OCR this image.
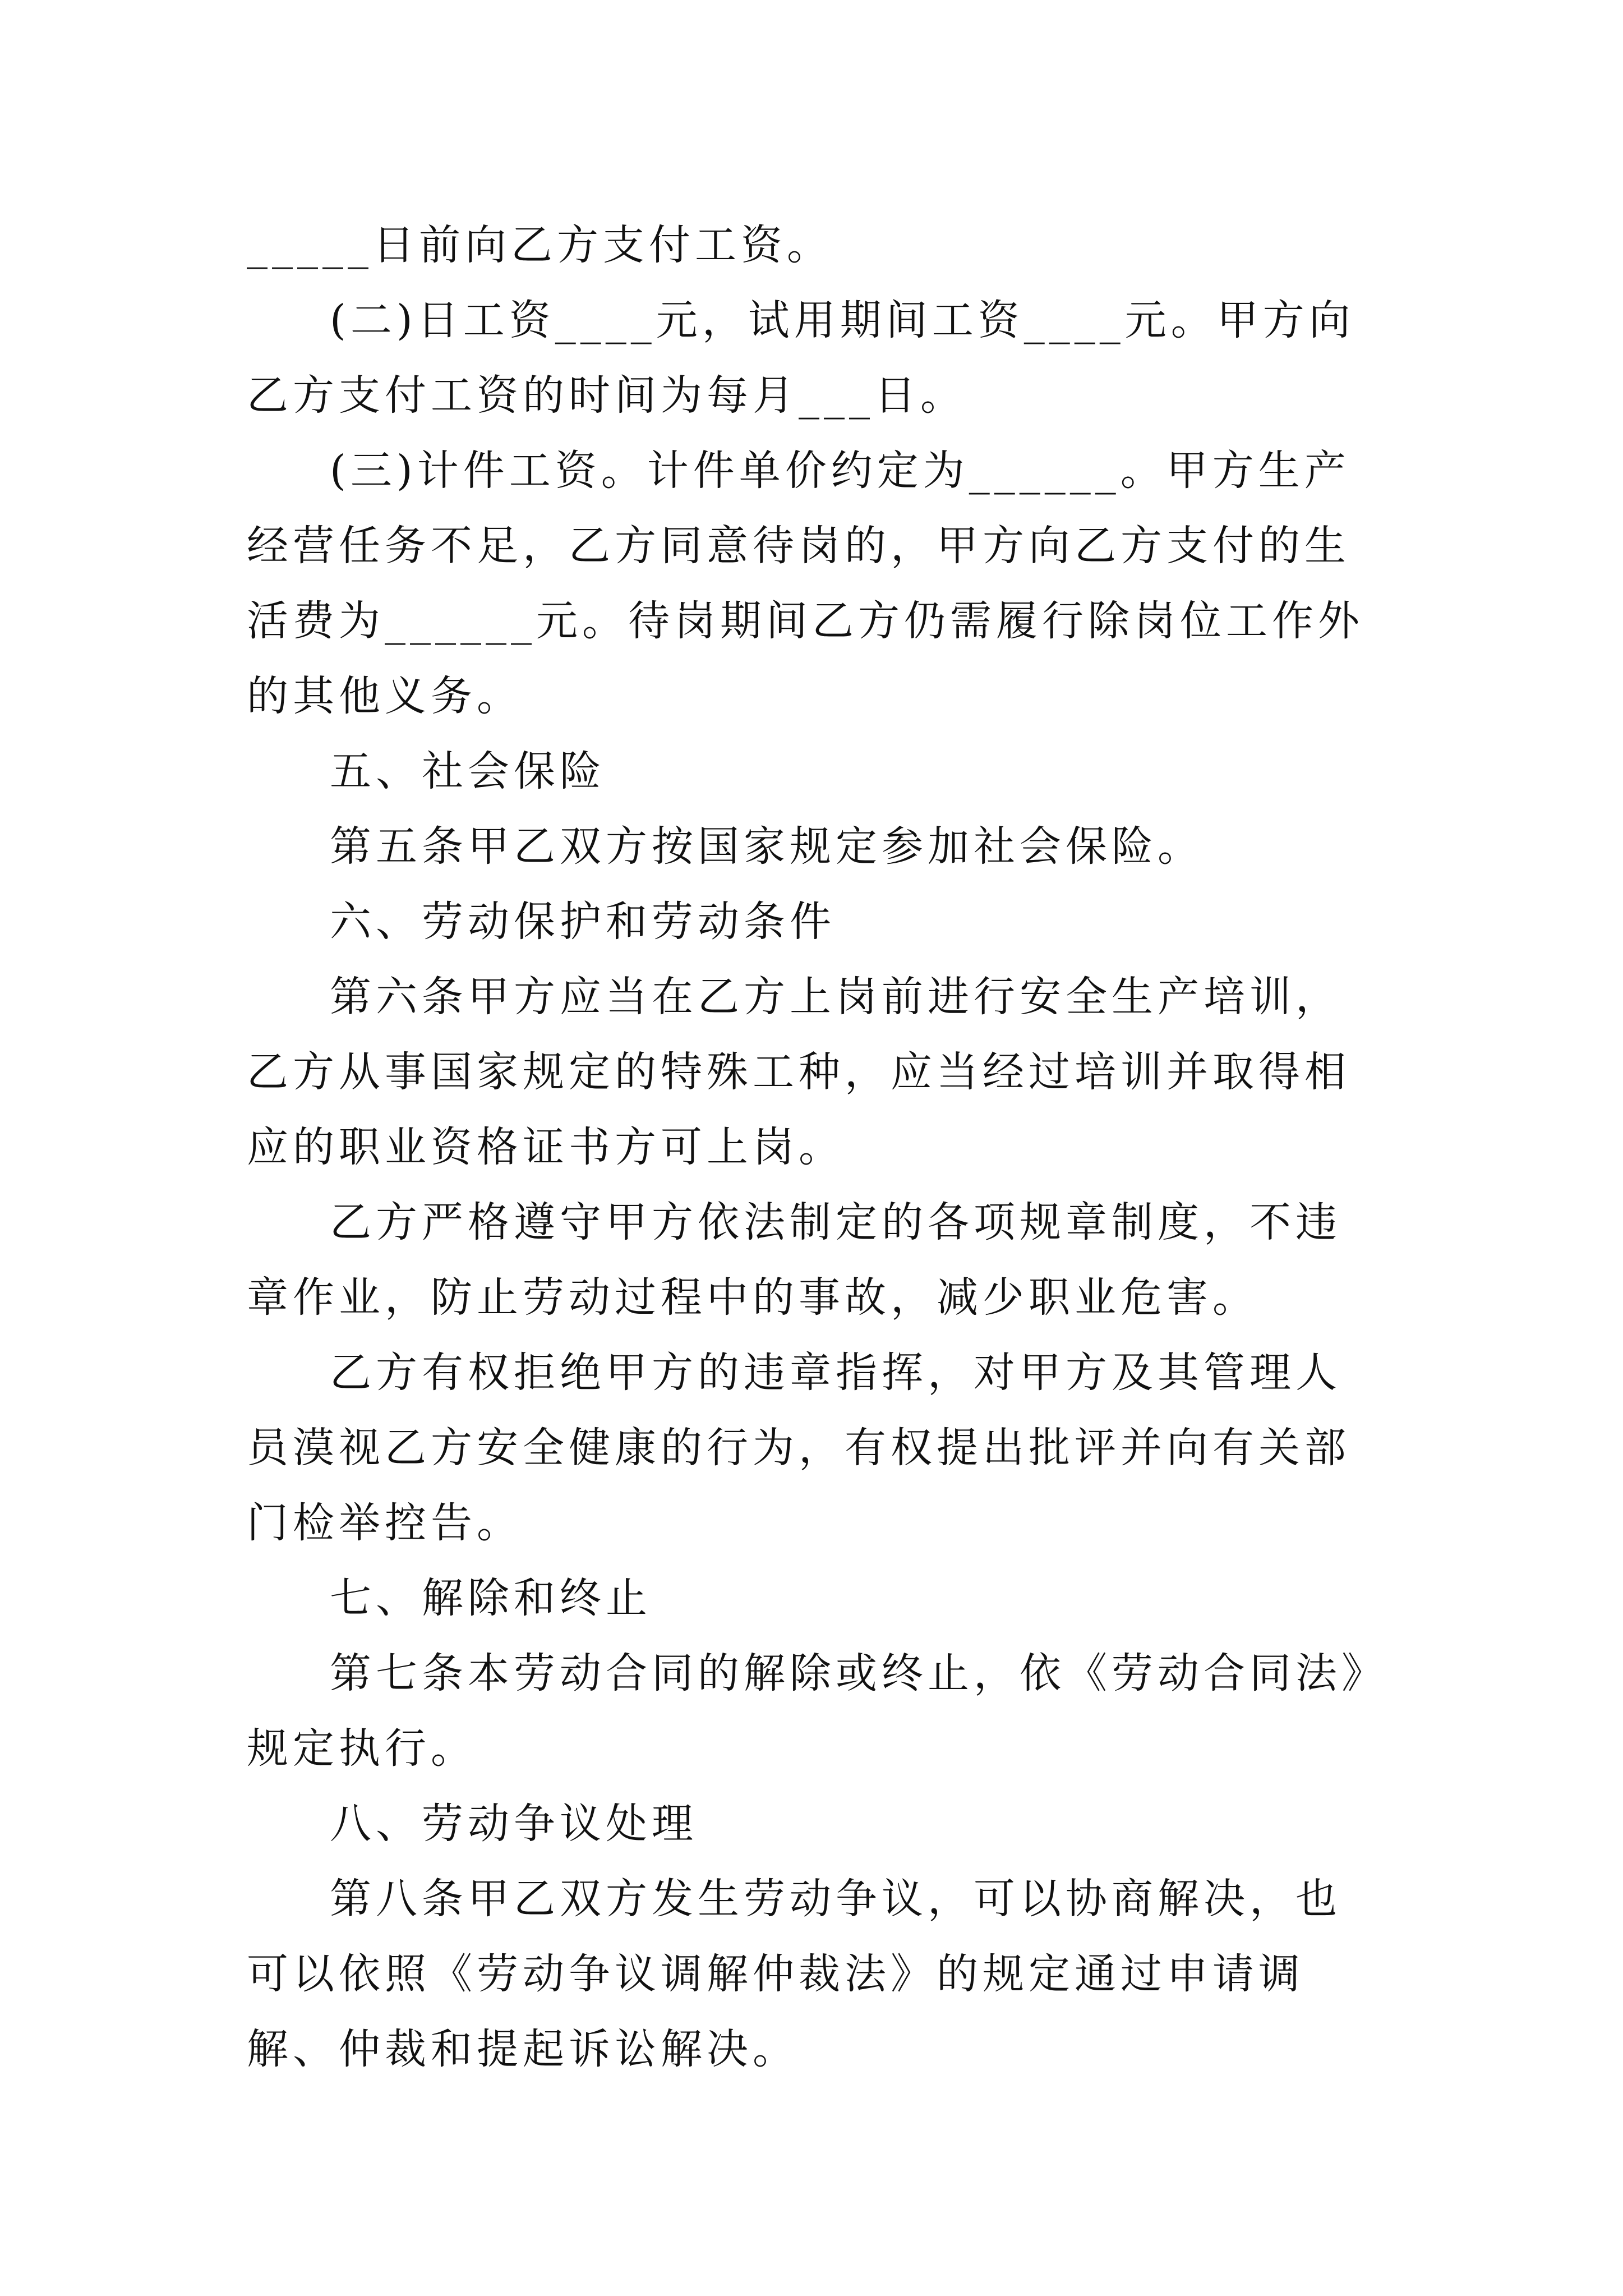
_____日前向乙方支付工资。

(二)日工资____元，试用期间工资____元。甲方向乙方支付工资的时间为每月___日。

(三)计件工资。计件单价约定为______。甲方生产经营任务不足，乙方同意待岗的，甲方向乙方支付的生活费为______元。待岗期间乙方仍需履行除岗位工作外的其他义务。

五、社会保险

第五条甲乙双方按国家规定参加社会保险。

六、劳动保护和劳动条件

第六条甲方应当在乙方上岗前进行安全生产培训，乙方从事国家规定的特殊工种，应当经过培训并取得相应的职业资格证书方可上岗。

乙方严格遵守甲方依法制定的各项规章制度，不违章作业，防止劳动过程中的事故，减少职业危害。

乙方有权拒绝甲方的违章指挥，对甲方及其管理人员漠视乙方安全健康的行为，有权提出批评并向有关部门检举控告。

七、解除和终止

第七条本劳动合同的解除或终止，依《劳动合同法》规定执行。

八、劳动争议处理

第八条甲乙双方发生劳动争议，可以协商解决，也可以依照《劳动争议调解仲裁法》的规定通过申请调解、仲裁和提起诉讼解决。
